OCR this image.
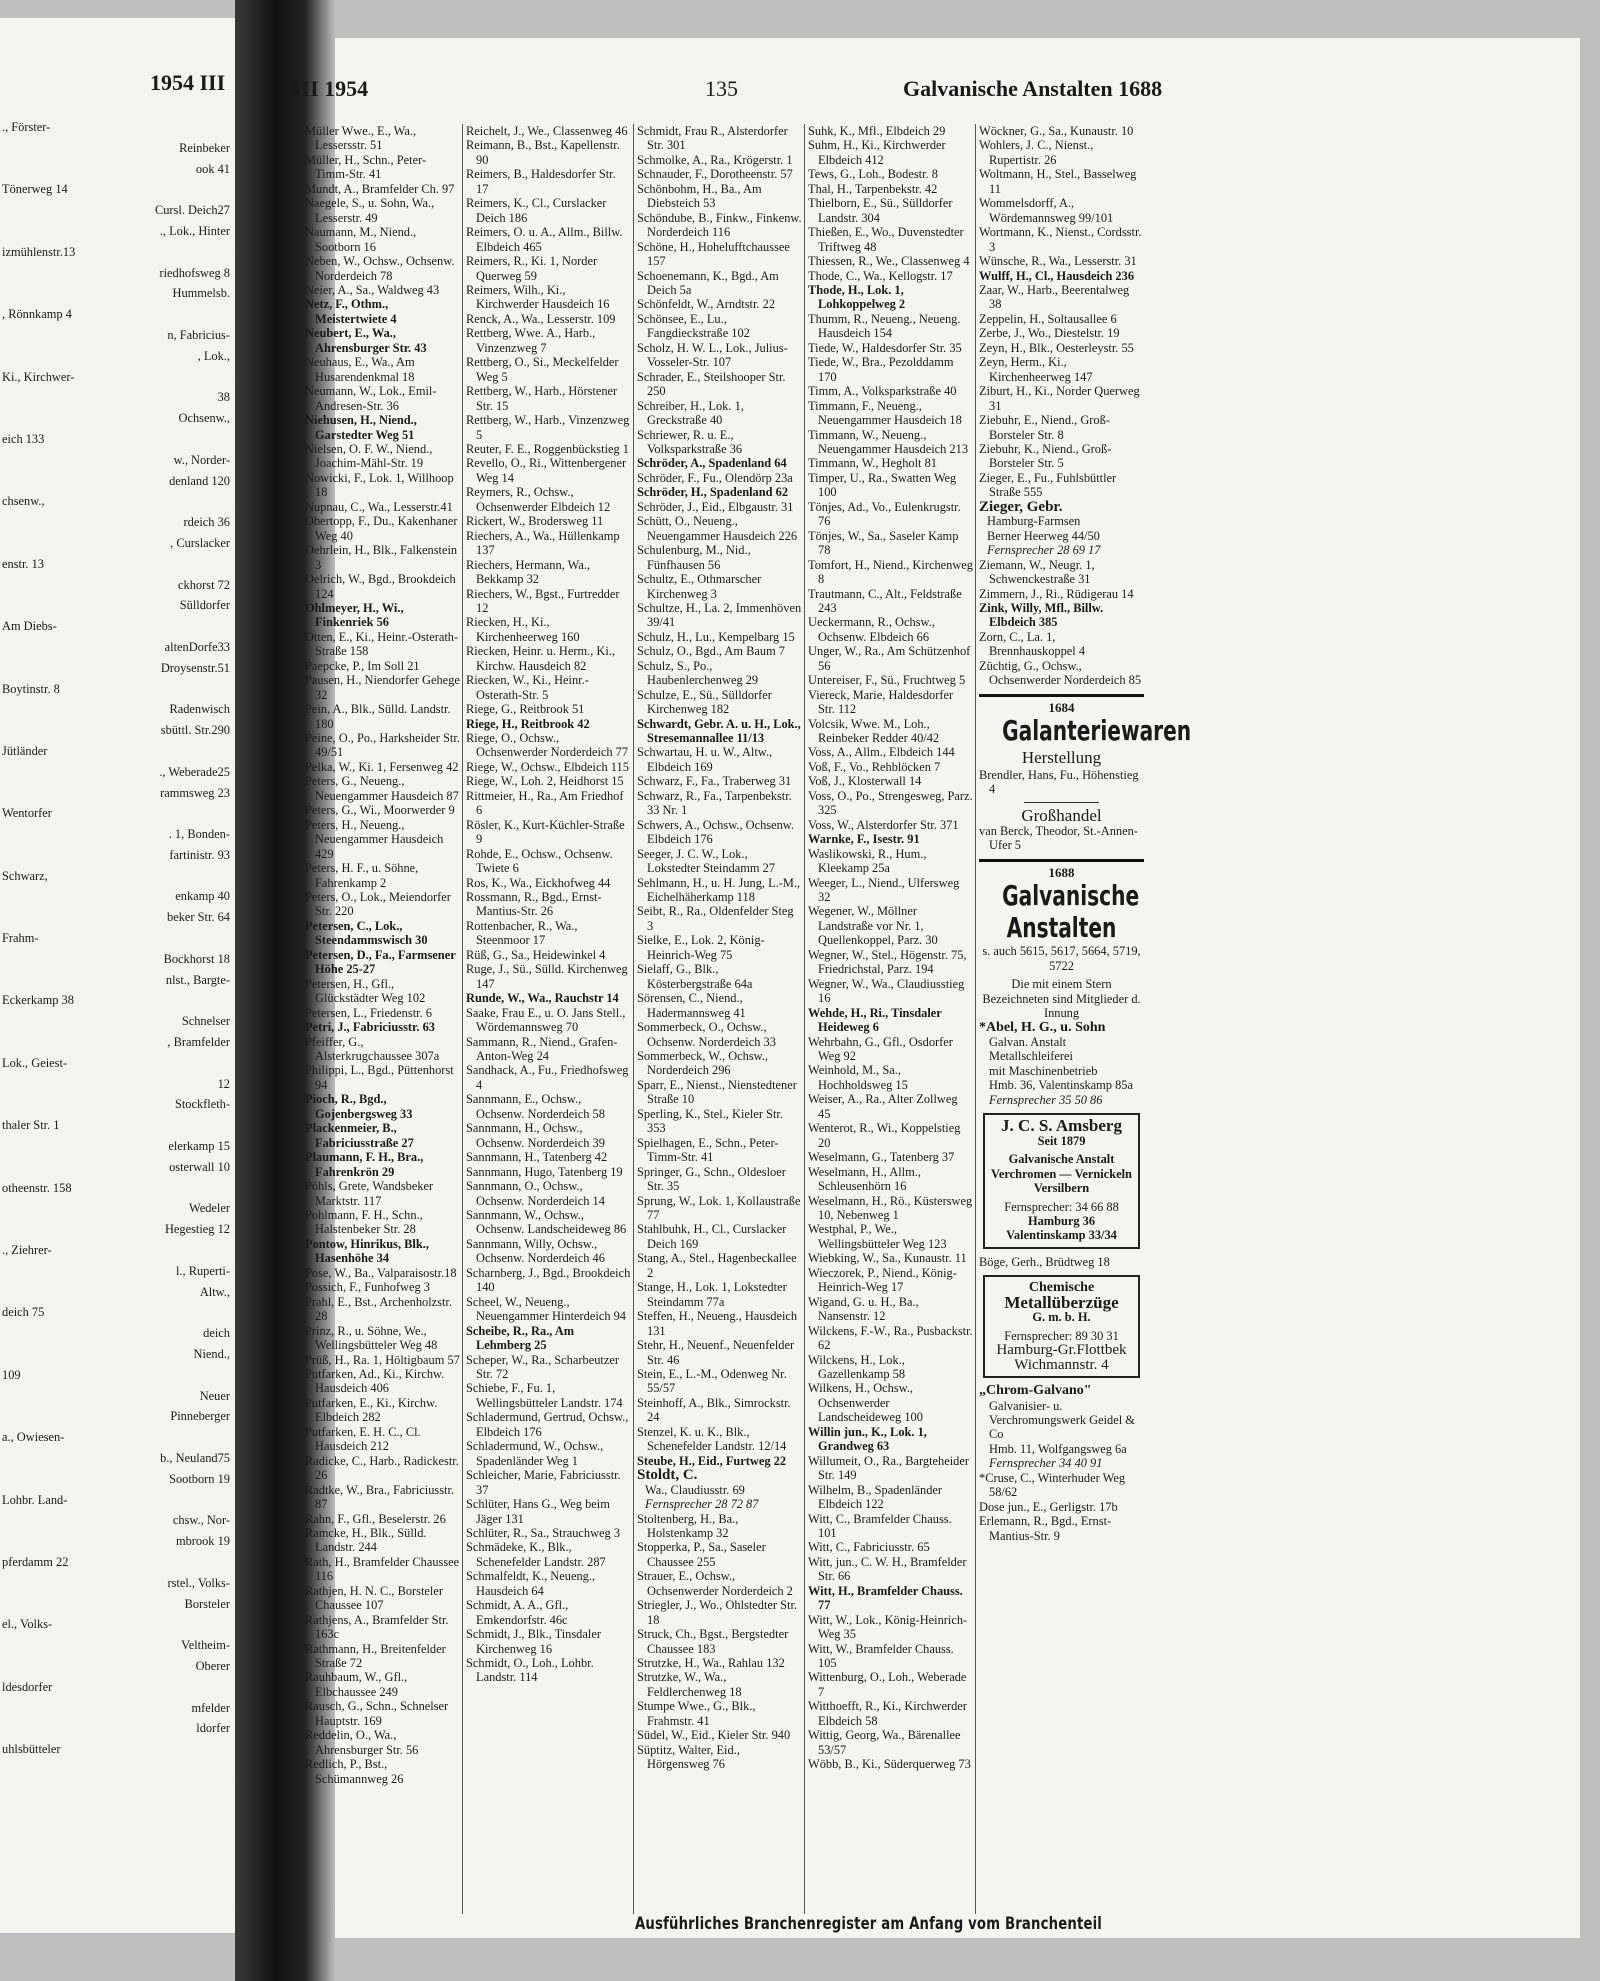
1954 III
., Förster-
Reinbeker
ook 41
Tönerweg 14
Cursl. Deich27
., Lok., Hinter
izmühlenstr.13
riedhofsweg 8
Hummelsb.
, Rönnkamp 4
n, Fabricius-
, Lok.,
Ki., Kirchwer-
38
Ochsenw.,
eich 133
w., Norder-
denland 120
chsenw.,
rdeich 36
, Curslacker
enstr. 13
ckhorst 72
Sülldorfer
Am Diebs-
altenDorfe33
Droysenstr.51
Boytinstr. 8
Radenwisch
sbüttl. Str.290
Jütländer
., Weberade25
rammsweg 23
Wentorfer
. 1, Bonden-
fartinistr. 93
Schwarz,
enkamp 40
beker Str. 64
Frahm-
Bockhorst 18
nlst., Bargte-
Eckerkamp 38
Schnelser
, Bramfelder
Lok., Geiest-
12
Stockfleth-
thaler Str. 1
elerkamp 15
osterwall 10
otheenstr. 158
Wedeler
Hegestieg 12
., Ziehrer-
l., Ruperti-
Altw.,
deich 75
deich
Niend.,
109
Neuer
Pinneberger
a., Owiesen-
b., Neuland75
Sootborn 19
Lohbr. Land-
chsw., Nor-
mbrook 19
pferdamm 22
rstel., Volks-
Borsteler
el., Volks-
Veltheim-
Oberer
ldesdorfer
mfelder
ldorfer
uhlsbütteler
III 1954	135	Galvanische Anstalten 1688
Müller Wwe., E., Wa., Lessersstr. 51
Müller, H., Schn., Peter-Timm-Str. 41
Mundt, A., Bramfelder Ch. 97
Naegele, S., u. Sohn, Wa., Lesserstr. 49
Naumann, M., Niend., Sootborn 16
Neben, W., Ochsw., Ochsenw. Norderdeich 78
Neier, A., Sa., Waldweg 43
Netz, F., Othm., Meistertwiete 4
Neubert, E., Wa., Ahrensburger Str. 43
Neuhaus, E., Wa., Am Husarendenkmal 18
Neumann, W., Lok., Emil-Andresen-Str. 36
Niehusen, H., Niend., Garstedter Weg 51
Nielsen, O. F. W., Niend., Joachim-Mähl-Str. 19
Nowicki, F., Lok. 1, Willhoop 18
Nupnau, C., Wa., Lesserstr.41
Obertopp, F., Du., Kakenhaner Weg 40
Oehrlein, H., Blk., Falkenstein 3
Oelrich, W., Bgd., Brookdeich 124
Ohlmeyer, H., Wi., Finkenriek 56
Otten, E., Ki., Heinr.-Osterath-Straße 158
Paepcke, P., Im Soll 21
Pausen, H., Niendorfer Gehege 32
Pein, A., Blk., Sülld. Landstr. 180
Peine, O., Po., Harksheider Str. 49/51
Pelka, W., Ki. 1, Fersenweg 42
Peters, G., Neueng., Neuengammer Hausdeich 87
Peters, G., Wi., Moorwerder 9
Peters, H., Neueng., Neuengammer Hausdeich 429
Peters, H. F., u. Söhne, Fahrenkamp 2
Peters, O., Lok., Meiendorfer Str. 220
Petersen, C., Lok., Steendammswisch 30
Petersen, D., Fa., Farmsener Höhe 25-27
Petersen, H., Gfl., Glückstädter Weg 102
Petersen, L., Friedenstr. 6
Petri, J., Fabriciusstr. 63
Pfeiffer, G., Alsterkrugchaussee 307a
Philippi, L., Bgd., Püttenhorst 94
Pioch, R., Bgd., Gojenbergsweg 33
Plackenmeier, B., Fabriciusstraße 27
Plaumann, F. H., Bra., Fahrenkrön 29
Pöhls, Grete, Wandsbeker Marktstr. 117
Pohlmann, F. H., Schn., Halstenbeker Str. 28
Pontow, Hinrikus, Blk., Hasenhöhe 34
Pose, W., Ba., Valparaisostr.18
Possich, F., Funhofweg 3
Prahl, E., Bst., Archenholzstr. 28
Prinz, R., u. Söhne, We., Wellingsbütteler Weg 48
Prüß, H., Ra. 1, Höltigbaum 57
Putfarken, Ad., Ki., Kirchw. Hausdeich 406
Putfarken, E., Ki., Kirchw. Elbdeich 282
Putfarken, E. H. C., Cl. Hausdeich 212
Radicke, C., Harb., Radickestr. 26
Radtke, W., Bra., Fabriciusstr. 87
Rahn, F., Gfl., Beselerstr. 26
Ramcke, H., Blk., Sülld. Landstr. 244
Rath, H., Bramfelder Chaussee 116
Rathjen, H. N. C., Borsteler Chaussee 107
Rathjens, A., Bramfelder Str. 163c
Rathmann, H., Breitenfelder Straße 72
Rauhbaum, W., Gfl., Elbchaussee 249
Rausch, G., Schn., Schnelser Hauptstr. 169
Reddelin, O., Wa., Ahrensburger Str. 56
Redlich, P., Bst., Schümannweg 26
Reichelt, J., We., Classenweg 46
Reimann, B., Bst., Kapellenstr. 90
Reimers, B., Haldesdorfer Str. 17
Reimers, K., Cl., Curslacker Deich 186
Reimers, O. u. A., Allm., Billw. Elbdeich 465
Reimers, R., Ki. 1, Norder Querweg 59
Reimers, Wilh., Ki., Kirchwerder Hausdeich 16
Renck, A., Wa., Lesserstr. 109
Rettberg, Wwe. A., Harb., Vinzenzweg 7
Rettberg, O., Si., Meckelfelder Weg 5
Rettberg, W., Harb., Hörstener Str. 15
Rettberg, W., Harb., Vinzenzweg 5
Reuter, F. E., Roggenbückstieg 1
Revello, O., Ri., Wittenbergener Weg 14
Reymers, R., Ochsw., Ochsenwerder Elbdeich 12
Rickert, W., Brodersweg 11
Riechers, A., Wa., Hüllenkamp 137
Riechers, Hermann, Wa., Bekkamp 32
Riechers, W., Bgst., Furtredder 12
Riecken, H., Ki., Kirchenheerweg 160
Riecken, Heinr. u. Herm., Ki., Kirchw. Hausdeich 82
Riecken, W., Ki., Heinr.-Osterath-Str. 5
Riege, G., Reitbrook 51
Riege, H., Reitbrook 42
Riege, O., Ochsw., Ochsenwerder Norderdeich 77
Riege, W., Ochsw., Elbdeich 115
Riege, W., Loh. 2, Heidhorst 15
Rittmeier, H., Ra., Am Friedhof 6
Rösler, K., Kurt-Küchler-Straße 9
Rohde, E., Ochsw., Ochsenw. Twiete 6
Ros, K., Wa., Eickhofweg 44
Rossmann, R., Bgd., Ernst-Mantius-Str. 26
Rottenbacher, R., Wa., Steenmoor 17
Rüß, G., Sa., Heidewinkel 4
Ruge, J., Sü., Sülld. Kirchenweg 147
Runde, W., Wa., Rauchstr 14
Saake, Frau E., u. O. Jans Stell., Wördemannsweg 70
Sammann, R., Niend., Grafen-Anton-Weg 24
Sandhack, A., Fu., Friedhofsweg 4
Sannmann, E., Ochsw., Ochsenw. Norderdeich 58
Sannmann, H., Ochsw., Ochsenw. Norderdeich 39
Sannmann, H., Tatenberg 42
Sannmann, Hugo, Tatenberg 19
Sannmann, O., Ochsw., Ochsenw. Norderdeich 14
Sannmann, W., Ochsw., Ochsenw. Landscheideweg 86
Sannmann, Willy, Ochsw., Ochsenw. Norderdeich 46
Scharnberg, J., Bgd., Brookdeich 140
Scheel, W., Neueng., Neuengammer Hinterdeich 94
Scheibe, R., Ra., Am Lehmberg 25
Scheper, W., Ra., Scharbeutzer Str. 72
Schiebe, F., Fu. 1, Wellingsbütteler Landstr. 174
Schladermund, Gertrud, Ochsw., Elbdeich 176
Schladermund, W., Ochsw., Spadenländer Weg 1
Schleicher, Marie, Fabriciusstr. 37
Schlüter, Hans G., Weg beim Jäger 131
Schlüter, R., Sa., Strauchweg 3
Schmädeke, K., Blk., Schenefelder Landstr. 287
Schmalfeldt, K., Neueng., Hausdeich 64
Schmidt, A. A., Gfl., Emkendorfstr. 46c
Schmidt, J., Blk., Tinsdaler Kirchenweg 16
Schmidt, O., Loh., Lohbr. Landstr. 114
Schmidt, Frau R., Alsterdorfer Str. 301
Schmolke, A., Ra., Krögerstr. 1
Schnauder, F., Dorotheenstr. 57
Schönbohm, H., Ba., Am Diebsteich 53
Schöndube, B., Finkw., Finkenw. Norderdeich 116
Schöne, H., Hohelufftchaussee 157
Schoenemann, K., Bgd., Am Deich 5a
Schönfeldt, W., Arndtstr. 22
Schönsee, E., Lu., Fangdieckstraße 102
Scholz, H. W. L., Lok., Julius-Vosseler-Str. 107
Schrader, E., Steilshooper Str. 250
Schreiber, H., Lok. 1, Greckstraße 40
Schriewer, R. u. E., Volksparkstraße 36
Schröder, A., Spadenland 64
Schröder, F., Fu., Olendörp 23a
Schröder, H., Spadenland 62
Schröder, J., Eid., Elbgaustr. 31
Schütt, O., Neueng., Neuengammer Hausdeich 226
Schulenburg, M., Nid., Fünfhausen 56
Schultz, E., Othmarscher Kirchenweg 3
Schultze, H., La. 2, Immenhöven 39/41
Schulz, H., Lu., Kempelbarg 15
Schulz, O., Bgd., Am Baum 7
Schulz, S., Po., Haubenlerchenweg 29
Schulze, E., Sü., Sülldorfer Kirchenweg 182
Schwardt, Gebr. A. u. H., Lok., Stresemannallee 11/13
Schwartau, H. u. W., Altw., Elbdeich 169
Schwarz, F., Fa., Traberweg 31
Schwarz, R., Fa., Tarpenbekstr. 33 Nr. 1
Schwers, A., Ochsw., Ochsenw. Elbdeich 176
Seeger, J. C. W., Lok., Lokstedter Steindamm 27
Sehlmann, H., u. H. Jung, L.-M., Eichelhäherkamp 118
Seibt, R., Ra., Oldenfelder Steg 3
Sielke, E., Lok. 2, König-Heinrich-Weg 75
Sielaff, G., Blk., Kösterbergstraße 64a
Sörensen, C., Niend., Hadermannsweg 41
Sommerbeck, O., Ochsw., Ochsenw. Norderdeich 33
Sommerbeck, W., Ochsw., Norderdeich 296
Sparr, E., Nienst., Nienstedtener Straße 10
Sperling, K., Stel., Kieler Str. 353
Spielhagen, E., Schn., Peter-Timm-Str. 41
Springer, G., Schn., Oldesloer Str. 35
Sprung, W., Lok. 1, Kollaustraße 77
Stahlbuhk, H., Cl., Curslacker Deich 169
Stang, A., Stel., Hagenbeckallee 2
Stange, H., Lok. 1, Lokstedter Steindamm 77a
Steffen, H., Neueng., Hausdeich 131
Stehr, H., Neuenf., Neuenfelder Str. 46
Stein, E., L.-M., Odenweg Nr. 55/57
Steinhoff, A., Blk., Simrockstr. 24
Stenzel, K. u. K., Blk., Schenefelder Landstr. 12/14
Steube, H., Eid., Furtweg 22
Stoldt, C.
Wa., Claudiusstr. 69
Fernsprecher 28 72 87
Stoltenberg, H., Ba., Holstenkamp 32
Stopperka, P., Sa., Saseler Chaussee 255
Strauer, E., Ochsw., Ochsenwerder Norderdeich 2
Striegler, J., Wo., Ohlstedter Str. 18
Struck, Ch., Bgst., Bergstedter Chaussee 183
Strutzke, H., Wa., Rahlau 132
Strutzke, W., Wa., Feldlerchenweg 18
Stumpe Wwe., G., Blk., Frahmstr. 41
Südel, W., Eid., Kieler Str. 940
Süptitz, Walter, Eid., Hörgensweg 76
Suhk, K., Mfl., Elbdeich 29
Suhm, H., Ki., Kirchwerder Elbdeich 412
Tews, G., Loh., Bodestr. 8
Thal, H., Tarpenbekstr. 42
Thielborn, E., Sü., Sülldorfer Landstr. 304
Thießen, E., Wo., Duvenstedter Triftweg 48
Thiessen, R., We., Classenweg 4
Thode, C., Wa., Kellogstr. 17
Thode, H., Lok. 1, Lohkoppelweg 2
Thumm, R., Neueng., Neueng. Hausdeich 154
Tiede, W., Haldesdorfer Str. 35
Tiede, W., Bra., Pezolddamm 170
Timm, A., Volksparkstraße 40
Timmann, F., Neueng., Neuengammer Hausdeich 18
Timmann, W., Neueng., Neuengammer Hausdeich 213
Timmann, W., Hegholt 81
Timper, U., Ra., Swatten Weg 100
Tönjes, Ad., Vo., Eulenkrugstr. 76
Tönjes, W., Sa., Saseler Kamp 78
Tomfort, H., Niend., Kirchenweg 8
Trautmann, C., Alt., Feldstraße 243
Ueckermann, R., Ochsw., Ochsenw. Elbdeich 66
Unger, W., Ra., Am Schützenhof 56
Untereiser, F., Sü., Fruchtweg 5
Viereck, Marie, Haldesdorfer Str. 112
Volcsik, Wwe. M., Loh., Reinbeker Redder 40/42
Voss, A., Allm., Elbdeich 144
Voß, F., Vo., Rehblöcken 7
Voß, J., Klosterwall 14
Voss, O., Po., Strengesweg, Parz. 325
Voss, W., Alsterdorfer Str. 371
Warnke, F., Isestr. 91
Waslikowski, R., Hum., Kleekamp 25a
Weeger, L., Niend., Ulfersweg 32
Wegener, W., Möllner Landstraße vor Nr. 1, Quellenkoppel, Parz. 30
Wegner, W., Stel., Högenstr. 75, Friedrichstal, Parz. 194
Wegner, W., Wa., Claudiusstieg 16
Wehde, H., Ri., Tinsdaler Heideweg 6
Wehrbahn, G., Gfl., Osdorfer Weg 92
Weinhold, M., Sa., Hochholdsweg 15
Weiser, A., Ra., Alter Zollweg 45
Wenterot, R., Wi., Koppelstieg 20
Weselmann, G., Tatenberg 37
Weselmann, H., Allm., Schleusenhörn 16
Weselmann, H., Rö., Küstersweg 10, Nebenweg 1
Westphal, P., We., Wellingsbütteler Weg 123
Wiebking, W., Sa., Kunaustr. 11
Wieczorek, P., Niend., König-Heinrich-Weg 17
Wigand, G. u. H., Ba., Nansenstr. 12
Wilckens, F.-W., Ra., Pusbackstr. 62
Wilckens, H., Lok., Gazellenkamp 58
Wilkens, H., Ochsw., Ochsenwerder Landscheideweg 100
Willin jun., K., Lok. 1, Grandweg 63
Willumeit, O., Ra., Bargteheider Str. 149
Wilhelm, B., Spadenländer Elbdeich 122
Witt, C., Bramfelder Chauss. 101
Witt, C., Fabriciusstr. 65
Witt, jun., C. W. H., Bramfelder Str. 66
Witt, H., Bramfelder Chauss. 77
Witt, W., Lok., König-Heinrich-Weg 35
Witt, W., Bramfelder Chauss. 105
Wittenburg, O., Loh., Weberade 7
Witthoefft, R., Ki., Kirchwerder Elbdeich 58
Wittig, Georg, Wa., Bärenallee 53/57
Wöbb, B., Ki., Süderquerweg 73
Wöckner, G., Sa., Kunaustr. 10
Wohlers, J. C., Nienst., Rupertistr. 26
Woltmann, H., Stel., Basselweg 11
Wommelsdorff, A., Wördemannsweg 99/101
Wortmann, K., Nienst., Cordsstr. 3
Wünsche, R., Wa., Lesserstr. 31
Wulff, H., Cl., Hausdeich 236
Zaar, W., Harb., Beerentalweg 38
Zeppelin, H., Soltausallee 6
Zerbe, J., Wo., Diestelstr. 19
Zeyn, H., Blk., Oesterleystr. 55
Zeyn, Herm., Ki., Kirchenheerweg 147
Ziburt, H., Ki., Norder Querweg 31
Ziebuhr, E., Niend., Groß-Borsteler Str. 8
Ziebuhr, K., Niend., Groß-Borsteler Str. 5
Zieger, E., Fu., Fuhlsbüttler Straße 555
Zieger, Gebr.
Hamburg-Farmsen
Berner Heerweg 44/50
Fernsprecher 28 69 17
Ziemann, W., Neugr. 1, Schwenckestraße 31
Zimmern, J., Ri., Rüdigerau 14
Zink, Willy, Mfl., Billw. Elbdeich 385
Zorn, C., La. 1, Brennhauskoppel 4
Züchtig, G., Ochsw., Ochsenwerder Norderdeich 85
1684
Galanteriewaren
Herstellung
Brendler, Hans, Fu., Höhenstieg 4
Großhandel
van Berck, Theodor, St.-Annen-Ufer 5
1688
Galvanische
Anstalten
s. auch 5615, 5617, 5664, 5719, 5722
Die mit einem Stern Bezeichneten sind Mitglieder d. Innung
*Abel, H. G., u. Sohn
Galvan. Anstalt
Metallschleiferei
mit Maschinenbetrieb
Hmb. 36, Valentinskamp 85a
Fernsprecher 35 50 86
J. C. S. Amsberg
Seit 1879
Galvanische Anstalt
Verchromen — Vernickeln
Versilbern
Fernsprecher: 34 66 88
Hamburg 36
Valentinskamp 33/34
Böge, Gerh., Brüdtweg 18
Chemische
Metallüberzüge
G. m. b. H.
Fernsprecher: 89 30 31
Hamburg-Gr.Flottbek
Wichmannstr. 4
„Chrom-Galvano"
Galvanisier- u. Verchromungswerk Geidel & Co
Hmb. 11, Wolfgangsweg 6a
Fernsprecher 34 40 91
*Cruse, C., Winterhuder Weg 58/62
Dose jun., E., Gerligstr. 17b
Erlemann, R., Bgd., Ernst-Mantius-Str. 9
Ausführliches Branchenregister am Anfang vom Branchenteil
